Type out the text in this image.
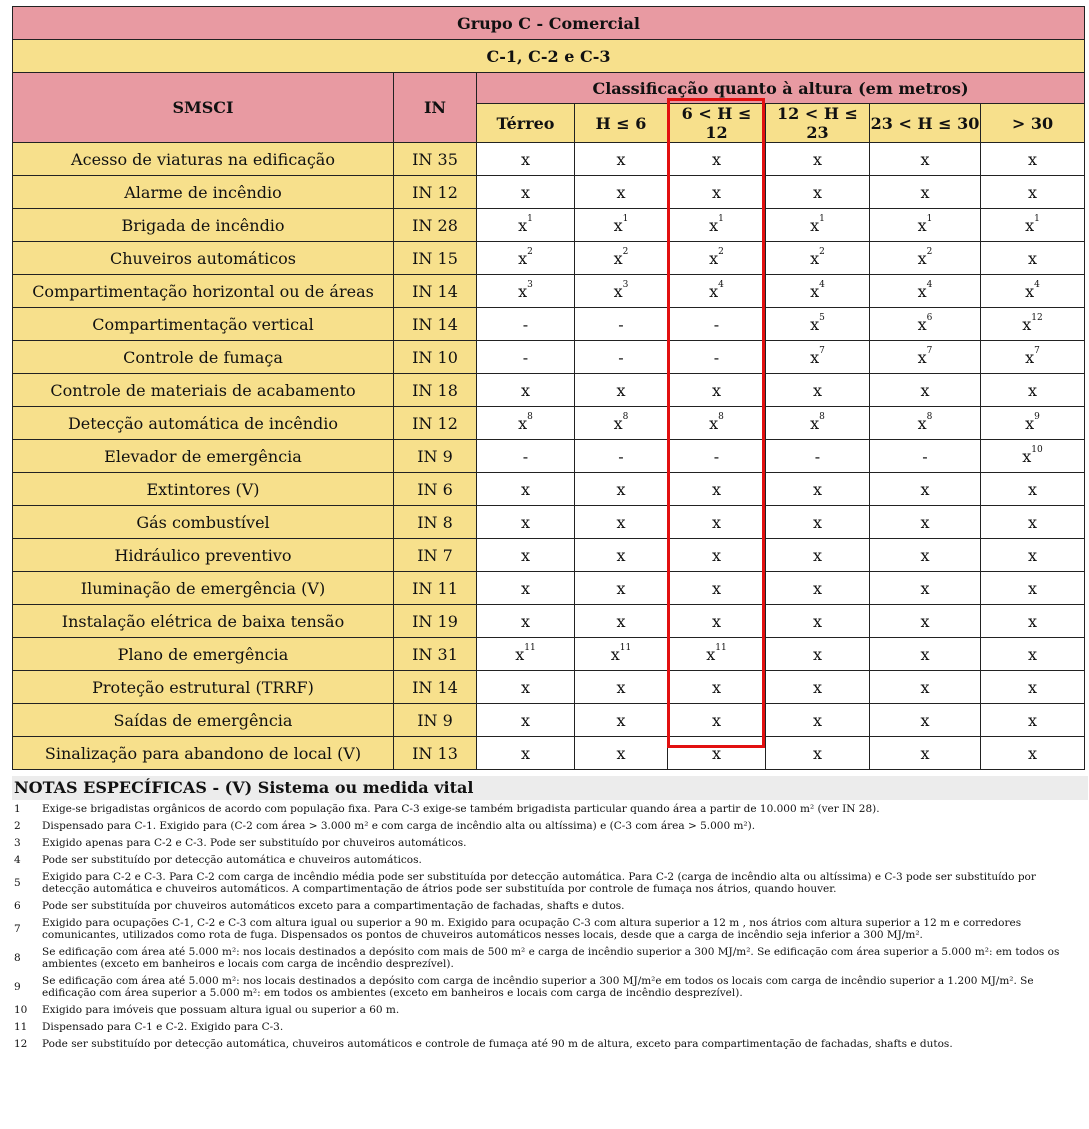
Grupo C - Comercial							
C-1, C-2 e C-3							
SMSCI	IN	Classificação quanto à altura (em metros)					
		Térreo	H ≤ 6	6 < H ≤ 12	12 < H ≤ 23	23 < H ≤ 30	> 30
Acesso de viaturas na edificação	IN 35	x	x	x	x	x	x
Alarme de incêndio	IN 12	x	x	x	x	x	x
Brigada de incêndio	IN 28	$x^1$	$x^1$	$x^1$	$x^1$	$x^1$	$x^1$
Chuveiros automáticos	IN 15	$x^2$	$x^2$	$x^2$	$x^2$	$x^2$	x
Compartimentação horizontal ou de áreas	IN 14	$x^3$	$x^3$	$x^4$	$x^4$	$x^4$	$x^4$
Compartimentação vertical	IN 14	-	-	-	$x^5$	$x^6$	$x^{12}$
Controle de fumaça	IN 10	-	-	-	$x^7$	$x^7$	$x^7$
Controle de materiais de acabamento	IN 18	x	x	x	x	x	x
Detecção automática de incêndio	IN 12	$x^8$	$x^8$	$x^8$	$x^8$	$x^8$	$x^9$
Elevador de emergência	IN 9	-	-	-	-	-	$x^{10}$
Extintores (V)	IN 6	x	x	x	x	x	x
Gás combustível	IN 8	x	x	x	x	x	x
Hidráulico preventivo	IN 7	x	x	x	x	x	x
Iluminação de emergência (V)	IN 11	x	x	x	x	x	x
Instalação elétrica de baixa tensão	IN 19	x	x	x	x	x	x
Plano de emergência	IN 31	$x^{11}$	$x^{11}$	$x^{11}$	x	x	x
Proteção estrutural (TRRF)	IN 14	x	x	x	x	x	x
Saídas de emergência	IN 9	x	x	x	x	x	x
Sinalização para abandono de local (V)	IN 13	x	x	x	x	x	x
NOTAS ESPECÍFICAS - (V) Sistema ou medida vital
1	Exige-se brigadistas orgânicos de acordo com população fixa. Para C-3 exige-se também brigadista particular quando área a partir de 10.000 m² (ver IN 28).
2	Dispensado para C-1. Exigido para (C-2 com área > 3.000 m² e com carga de incêndio alta ou altíssima) e (C-3 com área > 5.000 m²).
3	Exigido apenas para C-2 e C-3. Pode ser substituído por chuveiros automáticos.
4	Pode ser substituído por detecção automática e chuveiros automáticos.
5	Exigido para C-2 e C-3. Para C-2 com carga de incêndio média pode ser substituída por detecção automática. Para C-2 (carga de incêndio alta ou altíssima) e C-3 pode ser substituído por detecção automática e chuveiros automáticos. A compartimentação de átrios pode ser substituída por controle de fumaça nos átrios, quando houver.
6	Pode ser substituída por chuveiros automáticos exceto para a compartimentação de fachadas, shafts e dutos.
7	Exigido para ocupações C-1, C-2 e C-3 com altura igual ou superior a 90 m. Exigido para ocupação C-3 com altura superior a 12 m , nos átrios com altura superior a 12 m e corredores comunicantes, utilizados como rota de fuga. Dispensados os pontos de chuveiros automáticos nesses locais, desde que a carga de incêndio seja inferior a 300 MJ/m².
8	Se edificação com área até 5.000 m²: nos locais destinados a depósito com mais de 500 m² e carga de incêndio superior a 300 MJ/m². Se edificação com área superior a 5.000 m²: em todos os ambientes (exceto em banheiros e locais com carga de incêndio desprezível).
9	Se edificação com área até 5.000 m²: nos locais destinados a depósito com carga de incêndio superior a 300 MJ/m²e em todos os locais com carga de incêndio superior a 1.200 MJ/m². Se edificação com área superior a 5.000 m²: em todos os ambientes (exceto em banheiros e locais com carga de incêndio desprezível).
10	Exigido para imóveis que possuam altura igual ou superior a 60 m.
11	Dispensado para C-1 e C-2. Exigido para C-3.
12	Pode ser substituído por detecção automática, chuveiros automáticos e controle de fumaça até 90 m de altura, exceto para compartimentação de fachadas, shafts e dutos.
